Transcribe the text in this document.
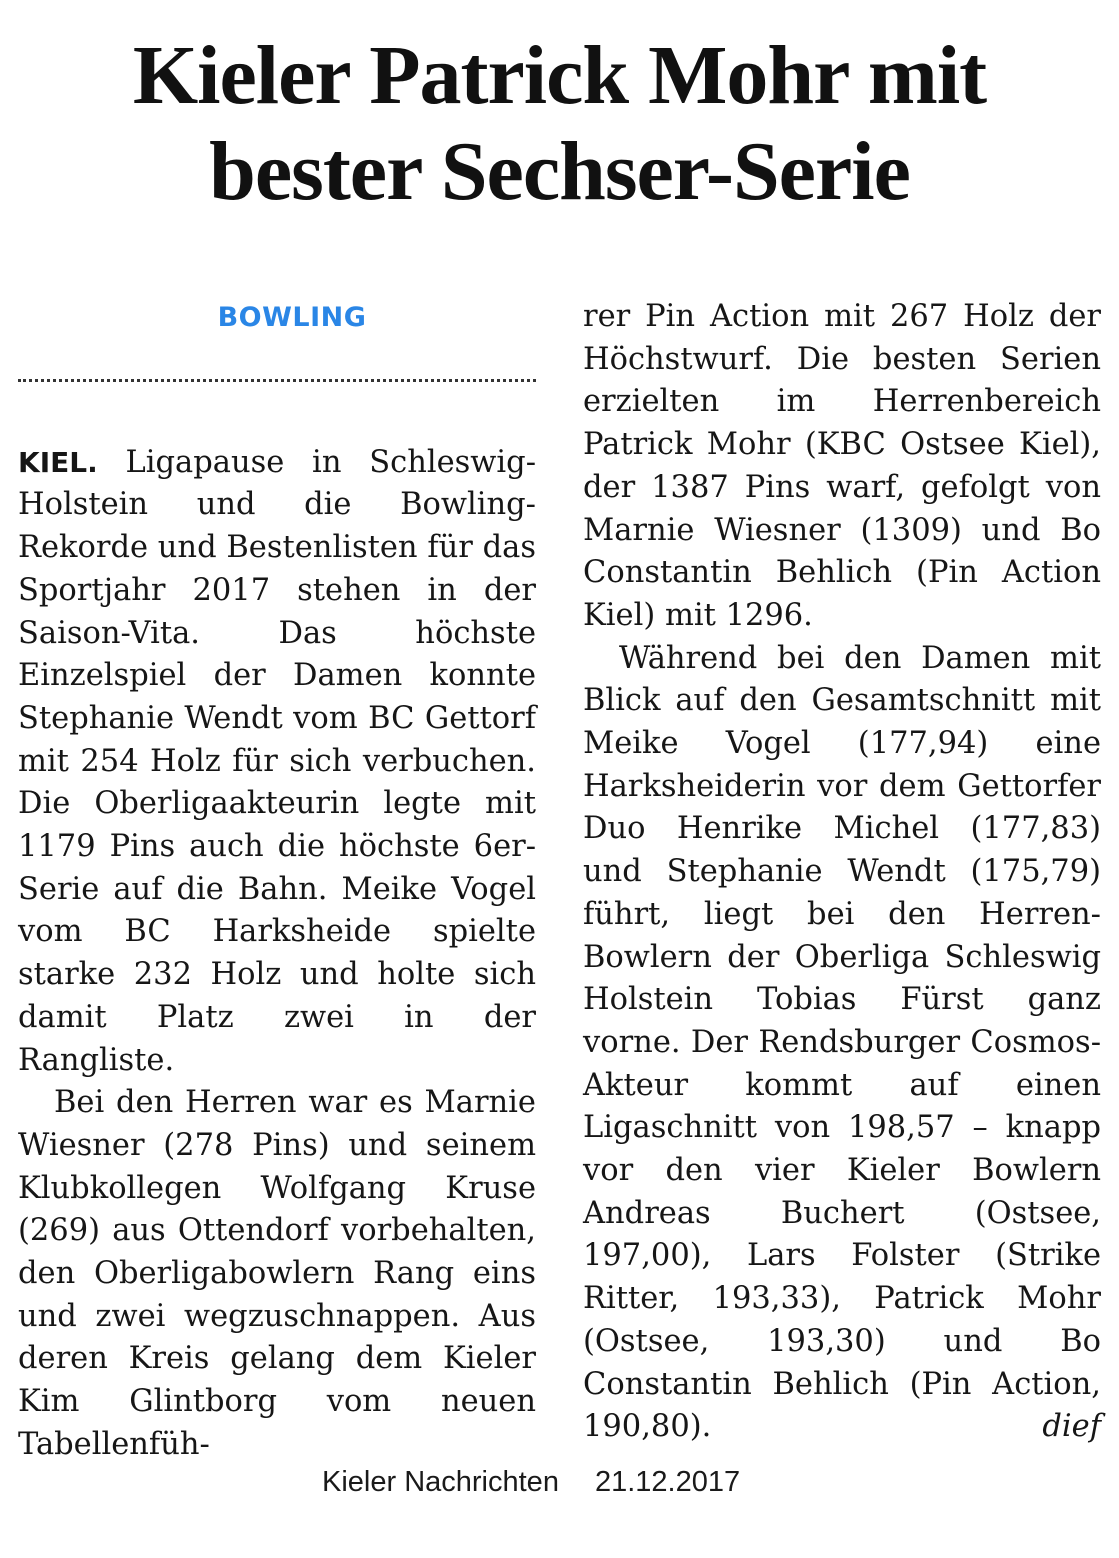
Kieler Patrick Mohr mit bester Sechser-Serie
BOWLING

KIEL. Ligapause in Schleswig-Holstein und die Bowling-Rekorde und Bestenlisten für das Sportjahr 2017 stehen in der Saison-Vita. Das höchste Einzelspiel der Damen konnte Stephanie Wendt vom BC Gettorf mit 254 Holz für sich verbuchen. Die Oberligaakteurin legte mit 1179 Pins auch die höchste 6er-Serie auf die Bahn. Meike Vogel vom BC Harksheide spielte starke 232 Holz und holte sich damit Platz zwei in der Rangliste.

Bei den Herren war es Marnie Wiesner (278 Pins) und seinem Klubkollegen Wolfgang Kruse (269) aus Ottendorf vorbehalten, den Oberligabowlern Rang eins und zwei wegzuschnappen. Aus deren Kreis gelang dem Kieler Kim Glintborg vom neuen Tabellenfüh-

rer Pin Action mit 267 Holz der Höchstwurf. Die besten Serien erzielten im Herrenbereich Patrick Mohr (KBC Ostsee Kiel), der 1387 Pins warf, gefolgt von Marnie Wiesner (1309) und Bo Constantin Behlich (Pin Action Kiel) mit 1296.

Während bei den Damen mit Blick auf den Gesamtschnitt mit Meike Vogel (177,94) eine Harksheiderin vor dem Gettorfer Duo Henrike Michel (177,83) und Stephanie Wendt (175,79) führt, liegt bei den Herren-Bowlern der Oberliga Schleswig Holstein Tobias Fürst ganz vorne. Der Rendsburger Cosmos-Akteur kommt auf einen Ligaschnitt von 198,57 – knapp vor den vier Kieler Bowlern Andreas Buchert (Ostsee, 197,00), Lars Folster (Strike Ritter, 193,33), Patrick Mohr (Ostsee, 193,30) und Bo Constantin Behlich (Pin Action, 190,80).	dief

Kieler Nachrichten 21.12.2017
